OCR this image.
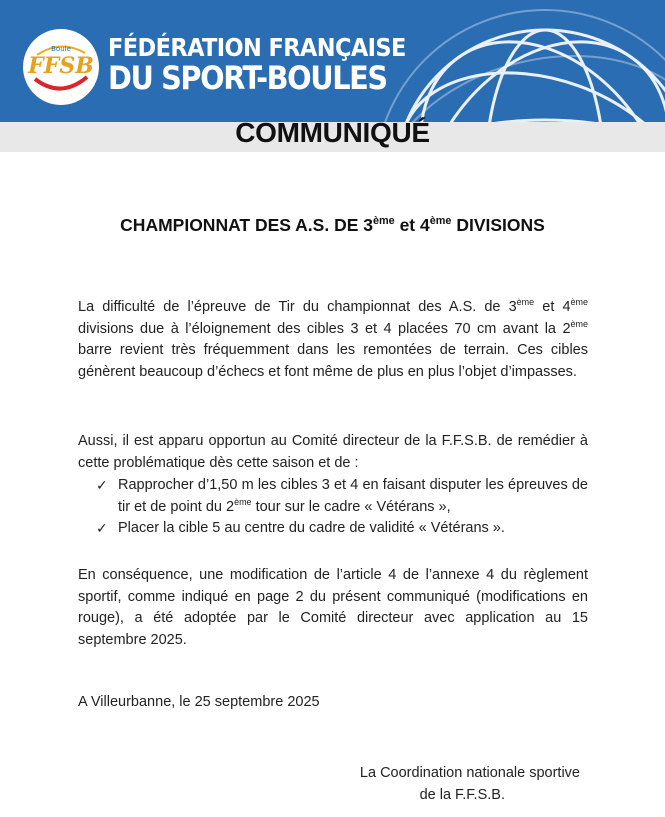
FFSB
Boule FÉDÉRATION FRANÇAISE
DU SPORT-BOULES
COMMUNIQUÉ
CHAMPIONNAT DES A.S. DE 3ème et 4ème DIVISIONS
La difficulté de l’épreuve de Tir du championnat des A.S. de 3ème et 4ème divisions due à l’éloignement des cibles 3 et 4 placées 70 cm avant la 2ème barre revient très fréquemment dans les remontées de terrain. Ces cibles génèrent beaucoup d’échecs et font même de plus en plus l’objet d’impasses.
Aussi, il est apparu opportun au Comité directeur de la F.F.S.B. de remédier à cette problématique dès cette saison et de :
✓ Rapprocher d’1,50 m les cibles 3 et 4 en faisant disputer les épreuves de tir et de point du 2ème tour sur le cadre « Vétérans »,
✓ Placer la cible 5 au centre du cadre de validité « Vétérans ».
En conséquence, une modification de l’article 4 de l’annexe 4 du règlement sportif, comme indiqué en page 2 du présent communiqué (modifications en rouge), a été adoptée par le Comité directeur avec application au 15 septembre 2025.
A Villeurbanne, le 25 septembre 2025
La Coordination nationale sportive
de la F.F.S.B.
